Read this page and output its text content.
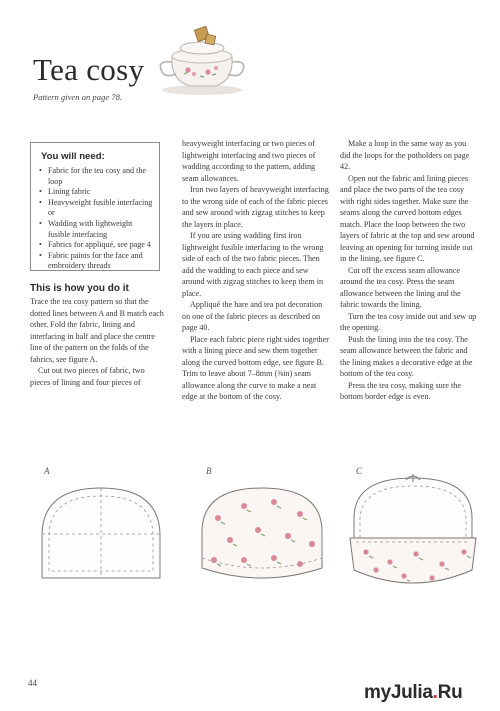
Tea cosy
Pattern given on page 78.
You will need:
• Fabric for the tea cosy and the loop
• Lining fabric
• Heavyweight fusible interfacing or
• Wadding with lightweight fusible interfacing
• Fabrics for appliqué, see page 4
• Fabric paints for the face and embroidery threads
This is how you do it

Trace the tea cosy pattern so that the dotted lines between A and B match each other. Fold the fabric, lining and interfacing in half and place the centre line of the pattern on the folds of the fabrics, see figure A.

Cut out two pieces of fabric, two pieces of lining and four pieces of

heavyweight interfacing or two pieces of lightweight interfacing and two pieces of wadding according to the pattern, adding seam allowances.

Iron two layers of heavyweight interfacing to the wrong side of each of the fabric pieces and sew around with zigzag stitches to keep the layers in place.

If you are using wadding first iron lightweight fusible interfacing to the wrong side of each of the two fabric pieces. Then add the wadding to each piece and sew around with zigzag stitches to keep them in place.

Appliqué the hare and tea pot decoration on one of the fabric pieces as described on page 40.

Place each fabric piece right sides together with a lining piece and sew them together along the curved bottom edge, see figure B. Trim to leave about 7–8mm (⅜in) seam allowance along the curve to make a neat edge at the bottom of the cosy.

Make a loop in the same way as you did the loops for the potholders on page 42.

Open out the fabric and lining pieces and place the two parts of the tea cosy with right sides together. Make sure the seams along the curved bottom edges match. Place the loop between the two layers of fabric at the top and sew around leaving an opening for turning inside out in the lining, see figure C.

Cut off the excess seam allowance around the tea cosy. Press the seam allowance between the lining and the fabric towards the lining.

Turn the tea cosy inside out and sew up the opening.

Push the lining into the tea cosy. The seam allowance between the fabric and the lining makes a decorative edge at the bottom of the tea cosy.

Press the tea cosy, making sure the bottom border edge is even.

A	B	C
44	myJulia.Ru
